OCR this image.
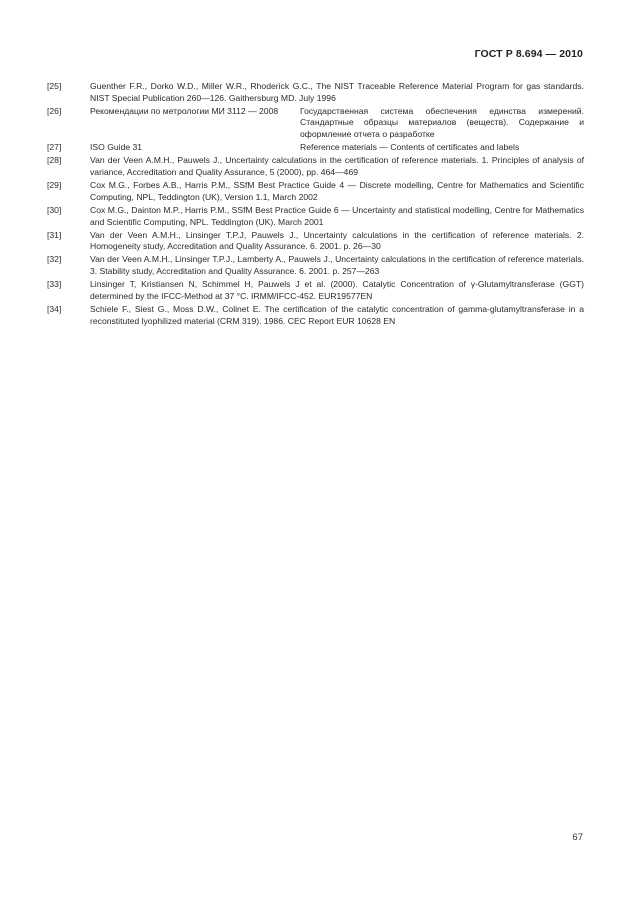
ГОСТ Р 8.694 — 2010
[25]	Guenther F.R., Dorko W.D., Miller W.R., Rhoderick G.C., The NIST Traceable Reference Material Program for gas standards. NIST Special Publication 260—126. Gaithersburg MD. July 1996
[26]	Рекомендации по метрологии МИ 3112 — 2008	Государственная система обеспечения единства измерений. Стандартные образцы материалов (веществ). Содержание и оформление отчета о разработке
[27]	ISO Guide 31	Reference materials — Contents of certificates and labels
[28]	Van der Veen A.M.H., Pauwels J., Uncertainty calculations in the certification of reference materials. 1. Principles of analysis of variance, Accreditation and Quality Assurance, 5 (2000), pp. 464—469
[29]	Cox M.G., Forbes A.B., Harris P.M., SSfM Best Practice Guide 4 — Discrete modelling, Centre for Mathematics and Scientific Computing, NPL, Teddington (UK), Version 1.1, March 2002
[30]	Cox M.G., Dainton M.P., Harris P.M., SSfM Best Practice Guide 6 — Uncertainty and statistical modelling, Centre for Mathematics and Scientific Computing, NPL. Teddington (UK). March 2001
[31]	Van der Veen A.M.H., Linsinger T.P.J, Pauwels J., Uncertainty calculations in the certification of reference materials. 2. Homogeneity study, Accreditation and Quality Assurance. 6. 2001. p. 26—30
[32]	Van der Veen A.M.H., Linsinger T.P.J., Lamberty A., Pauwels J., Uncertainty calculations in the certification of reference materials. 3. Stability study, Accreditation and Quality Assurance. 6. 2001. p. 257—263
[33]	Linsinger T, Kristiansen N, Schimmel H, Pauwels J et al. (2000). Catalytic Concentration of γ-Glutamyltransferase (GGT) determined by the IFCC-Method at 37 °C. IRMM/IFCC-452. EUR19577EN
[34]	Schiele F., Siest G., Moss D.W., Colinet E. The certification of the catalytic concentration of gamma-glutamyltransferase in a reconstituted lyophilized material (CRM 319). 1986. CEC Report EUR 10628 EN
67
